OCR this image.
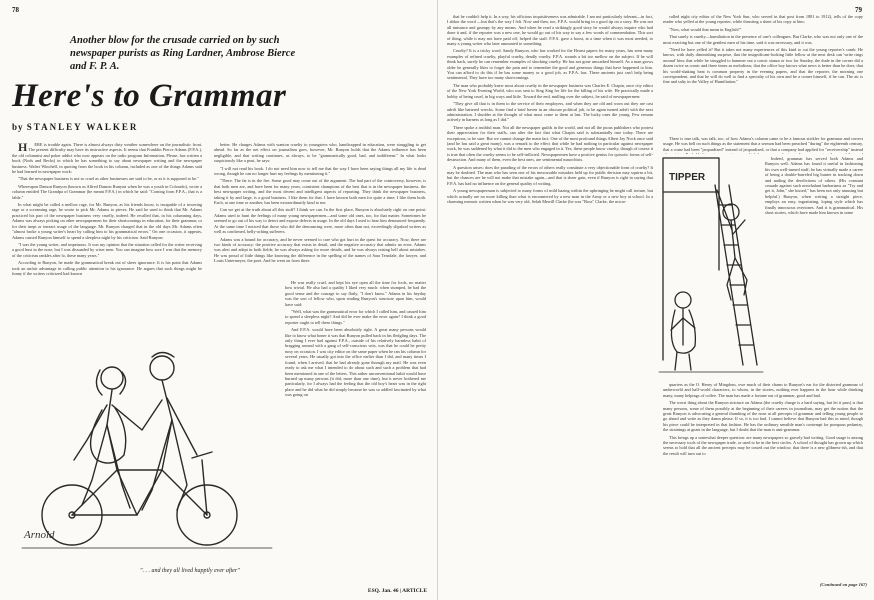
78
Another blow for the crusade carried on by such newspaper purists as Ring Lardner, Ambrose Bierce and F. P. A.
Here's to Grammar
by STANLEY WALKER

H ERE is trouble again. There is almost always dirty weather somewhere on the journalistic front. The present difficulty may have its instructive aspects. It seems that Franklin Pierce Adams (F.P.A.), the old columnist and poker addict who now appears on the radio program Information, Please, has written a book (Nods and Becks) in which he has something to say about newspaper writing and the newspaper business. Walter Winchell, in quoting from the book in his column, included as one of the things Adams said he had learned in newspaper work:

"That the newspaper business is not so cruel as other businesses are said to be, or as it is supposed to be."

Whereupon Damon Runyon (known as Alfred Damon Runyon when he was a youth in Colorado), wrote a column entitled The Grandpa of Grammar (he meant F.P.A.) in which he said: "Coming from F.P.A., that is a fable."

In what might be called a mellow rage, for Mr. Runyon, as his friends know, is incapable of a towering rage or a screaming rage, he wrote to pick Mr. Adams to pieces. He said he used to think that Mr. Adams practiced his part of the newspaper business very cruelly, indeed. He recalled that, in his columning days, Adams was always picking on other newspapermen for their shortcomings in education, for their grammar, or for their inept or inexact usage of the language. Mr. Runyon charged that in the old days Mr. Adams often "almost broke a young writer's heart by calling him to his grammatical errors." On one occasion, it appears, Adams caused Runyon himself to spend a sleepless night by his criticism. Said Runyon:

"I was the young writer, and impetuous. It was my opinion that the situation called for the writer receiving a good bust in the nose, but I was dissuaded by wiser men. You can imagine how sore I was that the memory of the criticism rankles after lo, these many years."

According to Runyon, he made the grammatical break out of sheer ignorance. It is his point that Adams took an unfair advantage in calling public attention to his ignorance. He argues that such things might be funny if the writers criticized had known

better. He charges Adams with wanton cruelty to youngsters who, handicapped in education, were struggling to get ahead. So far as the net effect on journalism goes, however, Mr. Runyon holds that the Adams influence has been negligible, and that writing continues, as always, to be "grammatically good, bad, and indifferent." In what looks suspiciously like a pout, he says:

"I will not read his book. I do not need him now to tell me that the way I have been saying things all my life is dead wrong, though he can no longer hurt my feelings by mentioning it."

"There. The fat is in the fire. Some good may come out of the argument. The bad part of the controversy, however, is that both men are, and have been for many years, consistent champions of the best that is in the newspaper business, the best newspaper writing, and the most decent and intelligent aspects of reporting. They think the newspaper business, taking it by and large, is a good business. I like them for that. I have known both men for quite a time; I like them both. Each, at one time or another, has been extraordinarily kind to me.

Can we get at the truth about all this stuff? I think we can. In the first place, Runyon is absolutely right on one point: Adams used to hunt the feelings of many young newspapermen—and some old ones, too, for that matter. Sometimes he seemed to go out of his way to detect and expose defects in usage. In the old days I used to hear him denounced frequently. At the same time I noticed that those who did the denouncing were, more often than not, exceedingly slipshod writers as well as confirmed, belly-aching sufferers.

Adams was a hound for accuracy, and he never seemed to care who got hurt in the quest for accuracy. Now, there are two kinds of accuracy: the positive accuracy that exists in detail, and the negative accuracy that admits no error. Adams was alert and adept in both fields; he was always asking for more details, and he was always raising hell about mistakes. He was proud of little things like knowing the difference in the spelling of the names of Sara Teasdale, the lawyer, and Louis Untermeyer, the poet. And he went on from there.

He was really cruel, and kept his eye open all the time for fools, no matter how trivial. He also had a quality I liked very much: when stumped, he had the good sense and the courage to say flatly, "I don't know." Adams in his heyday was the sort of fellow who, upon reading Runyon's structure upon him, would have said:

"Well, what was the grammatical error for which I called him, and caused him to spend a sleepless night? And did he ever make the error again? I think a good reporter ought to tell these things."

And F.P.A. would have been absolutely right. A great many persons would like to know what boner it was that Runyon pulled back in his fledgling days. The only thing I ever had against F.P.A., outside of his relatively harmless habit of bragging around with a gang of self-conscious wits, was that he could be pretty nosy on occasion. I was city editor on the same paper when he ran his column for several years. He usually got into the office earlier than I did, and many times I found, when I arrived, that he had already gone through my mail. He was even ready to ask me what I intended to do about such and such a problem that had been mentioned in one of the letters. This rather unconventional habit would have burned up many persons (it did, more than one time), but it never bothered me particularly, for I always had the feeling that the old boy's heart was in the right place and he did what he did simply because he was so addled fascinated by what was going on

Arnold
". . . and they all lived happily ever after"
ESQ. Jan. 46 | ARTICLE
79

that he couldn't help it. In a way, his officious inquisitiveness was admirable. I am not particularly tolerant—in fact, I abhor the word —but that's the way I felt. Now and then, too, F.P.A. would bring in a good tip on a story. He was not all nuisance and grumpy by any means. And when he read a strikingly good story he would always inquire who had done it and, if the reporter was a new one, he would go out of his way to say a few words of commendation. This sort of thing, while it may not have paid off, helped the staff. F.P.A. gave a boost, at a time when it was most needed, to many a young writer who later amounted to something.

Cruelty? It is a tricky word. Sandy Runyon, who has worked for the Hearst papers for many years, has seen many examples of refined cruelty, playful cruelty, deadly cruelty. F.P.A. sounds a bit too mellow on the subject. If he will think back, surely he can remember examples of shocking cruelty. He has not gone unscathed himself. As a man grows older he generally likes to forget the pain and to remember the good and generous things that have happened to him. You can afford to do this if he has some money or a good job, as F.P.A. has. These ancients just can't help being sentimental, They have too many shortcomings.

The man who probably knew most about cruelty in the newspaper business was Charles E. Chapin, once city editor of the New York Evening World, who was sent to Sing Sing for life for the killing of his wife. He practically made a hobby of being cruel, in big ways and little. Toward the end, mulling over the subject, he said of newspapermen:

"They give all that is in them to the service of their employers, and when they are old and worn out they are cast adrift like battered wrecks. Some find a brief haven in an obscure political job, to be again turned adrift with the next administration. I shudder at the thought of what must come to them at last. The lucky ones die young. Few remain actively in harness as long as I did."

There spoke a truthful man. Not all the newspaper guilds in the world, and not all the pious publishers who protest their appreciation for their staffs, can alter the fact that what Chapin said is substantially true today. There are exceptions, to be sure. But we cannot change the main fact. One of the most profound things Albert Jay Nock once said (and he has said a great many), was a remark to the effect that while he had nothing in particular against newspaper work, he was saddened by what it did to the men who engaged in it. Yes, these people know cruelty, though of course it is true that often the cruelty seems to be self-inflicted. Newspapermen have a positive genius for quixotic forms of self-destruction. And many of them, even the best ones, are sentimental masochists.

A question arises: does the parading of the errors of others really constitute a very objectionable form of cruelty? It may be doubted. The man who has seen one of his inexcusable mistakes held up for public derision may squirm a bit, but the chances are he will not make that mistake again—and that is sheer gain, even if Runyon is right in saying that F.P.A. has had no influence on the general quality of writing.

A young newspaperman is subjected to many forms of mild hazing within the upbringing he might call torture, but which actually are no more killing than what is encountered by a new man in the Army or a new boy at school. In a charming memoir written when he was very old, Selah Merrill Clarke (he was "Boss" Clarke, the micro-

called night city editor of the New York Sun, who served in that post from 1881 to 1912), tells of the copy reader who yelled at the young reporter, while thrusting a sheet of his copy at him:

"Now, what would that mean in English?"

That surely is cruelty—humiliation in the presence of one's colleagues. But Clarke, who was not only one of the most exacting but one of the gentlest men of his time, said it was necessary, and it was.

"Need he have yelled it? But it takes not many experiences of this kind to cut the young reporter's comb. He knows, with daily diminishing surprise, that the insignificant-looking little fellow at the next desk can 'write rings around' him; that while he struggled to hammer out a comic stanza or two for Sunday, the dude in the corner did a dozen twice as comic and three times as melodious; that the office boy knows what news is better than he does; that his world-shaking beat is common property in the evening papers, and that the reporter, the morning one correspondent, and that he will do well to find a specialty of his own and be a comer himself, if he can. The air is fine and salty in the Valley of Humiliation."

There is true talk, was talk, too, of how Adams's column came to be a famous stickler for grammar and correct usage. He was bell on such things as the statement that a sermon had been preached "during" the eighteenth century, that a crane had been "jeopardized" instead of jeopardized, or that a company had applied for "receivership" instead

Indeed, grammar has served both Adams and Runyon well. Adams has found it useful in fashioning his own well-turned stuff; he has virtually made a career of being a double-barreled big hunter in tracking down and nailing the derelictions of others. (His constant crusade against such nonchalant barbarisms as "Try and get it, John," she kissed," has been not only amusing but helpful.) Runyon, when writing a straight piece, employs an easy, ingratiating, loping style which has finally innocuous overtones. And it is grammatical. His short stories, which have made him known in some

TIPPER

quarters as the O. Henry of Mingdom, owe much of their charm to Runyon's ear for the distorted grammar of underworld and half-world characters, to whom, in the stories, nothing ever happens in the hour while drinking many, many helpings of coffee. The man has made a fortune out of grammar, good and bad.

The worst thing about the Runyon stricture on Adams (the cruelty charge is a hard saying, but let it pass) is that many persons, some of them possibly at the beginning of their careers in journalism, may get the notion that the great Runyon is advocating a general thumbing of the nose at all precepts of grammar and telling young people to go ahead and write as they damn please. If so, it is too bad. I cannot believe that Runyon had this in mind, though his piece could be interpreted in that fashion. He has the ordinary sensible man's contempt for pompous pedantry, the strainings at gnats in the language, but I doubt that the man is anti-grammar.

This brings up a somewhat deeper question: are many newspapers so gravely bad writing. Good usage is among the necessary tools of the newspaper trade, or used to be in the best circles. A school of thought has grown up which seems to hold that all the ancient precepts may be tossed out the window, that there is a new glibness-ish, and that the result will turn out to

(Continued on page 167)
